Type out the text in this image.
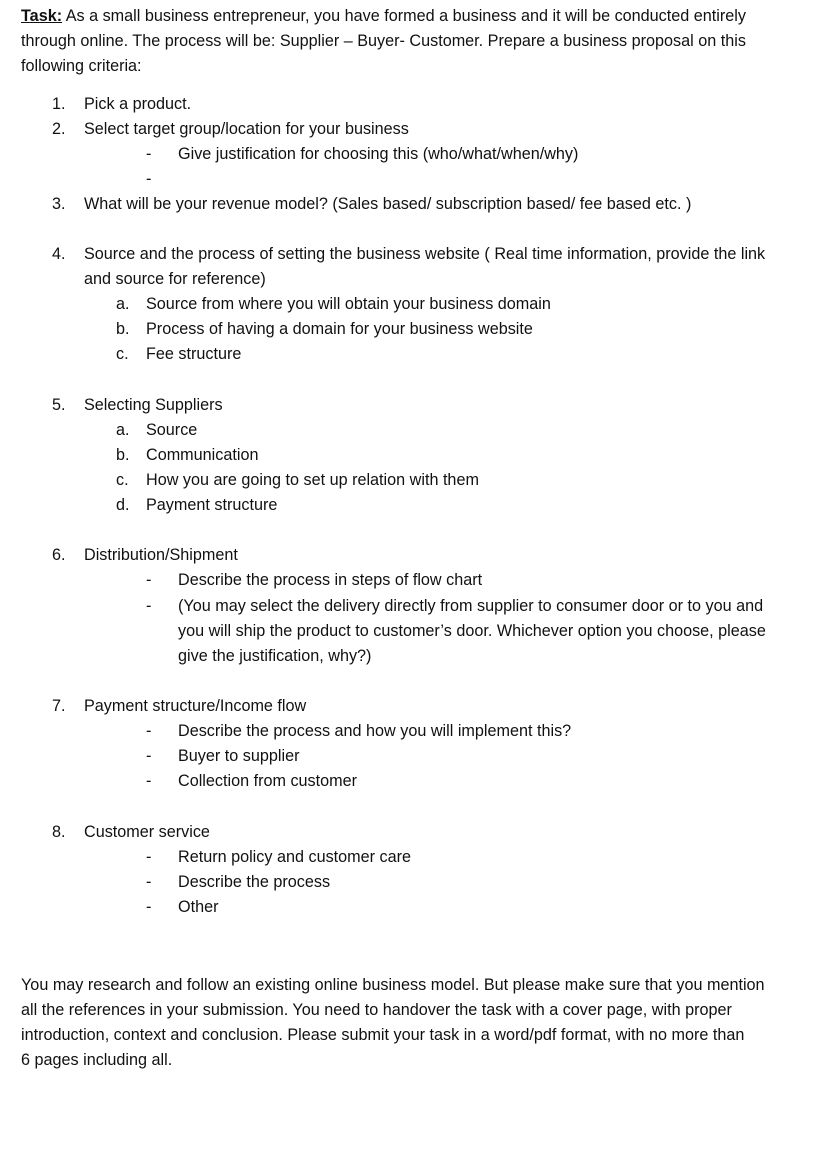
Task: As a small business entrepreneur, you have formed a business and it will be conducted entirely
through online. The process will be: Supplier – Buyer- Customer. Prepare a business proposal on this
following criteria:
1. Pick a product.
2. Select target group/location for your business
- Give justification for choosing this (who/what/when/why)
-
3. What will be your revenue model? (Sales based/ subscription based/ fee based etc. )
4. Source and the process of setting the business website ( Real time information, provide the link
and source for reference)
a. Source from where you will obtain your business domain
b. Process of having a domain for your business website
c. Fee structure
5. Selecting Suppliers
a. Source
b. Communication
c. How you are going to set up relation with them
d. Payment structure
6. Distribution/Shipment
- Describe the process in steps of flow chart
- (You may select the delivery directly from supplier to consumer door or to you and
you will ship the product to customer’s door. Whichever option you choose, please
give the justification, why?)
7. Payment structure/Income flow
- Describe the process and how you will implement this?
- Buyer to supplier
- Collection from customer
8. Customer service
- Return policy and customer care
- Describe the process
- Other
You may research and follow an existing online business model. But please make sure that you mention
all the references in your submission. You need to handover the task with a cover page, with proper
introduction, context and conclusion. Please submit your task in a word/pdf format, with no more than
6 pages including all.
